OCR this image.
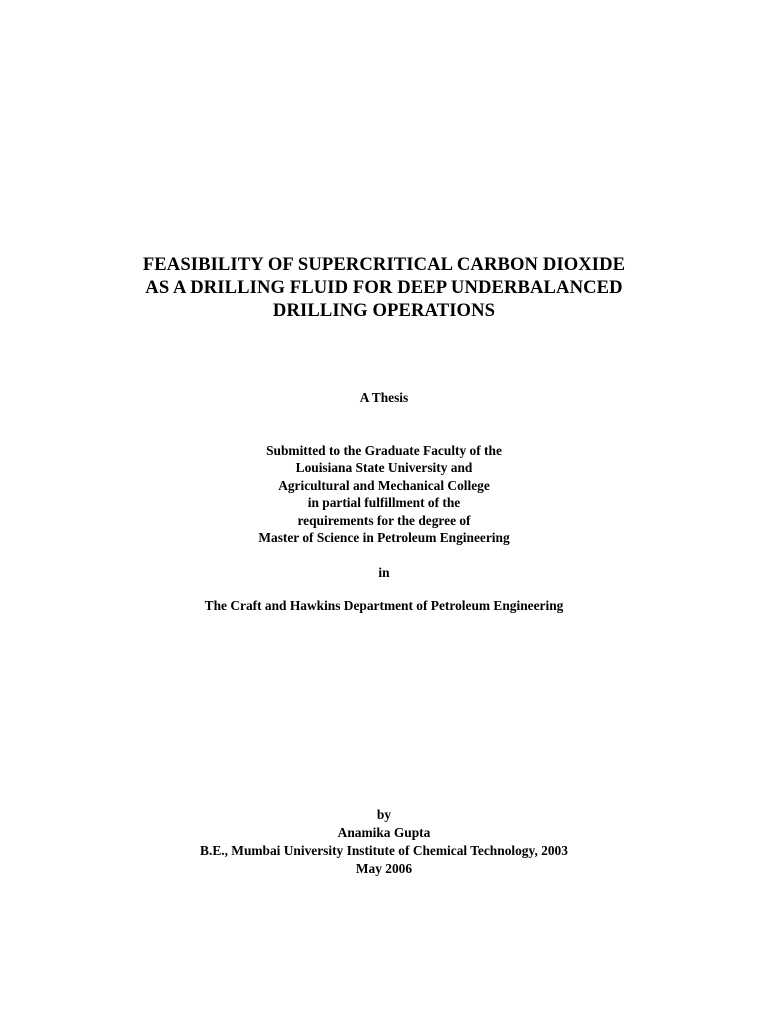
FEASIBILITY OF SUPERCRITICAL CARBON DIOXIDE
AS A DRILLING FLUID FOR DEEP UNDERBALANCED
DRILLING OPERATIONS
A Thesis
Submitted to the Graduate Faculty of the
Louisiana State University and
Agricultural and Mechanical College
in partial fulfillment of the
requirements for the degree of
Master of Science in Petroleum Engineering
in
The Craft and Hawkins Department of Petroleum Engineering
by
Anamika Gupta
B.E., Mumbai University Institute of Chemical Technology, 2003
May 2006
